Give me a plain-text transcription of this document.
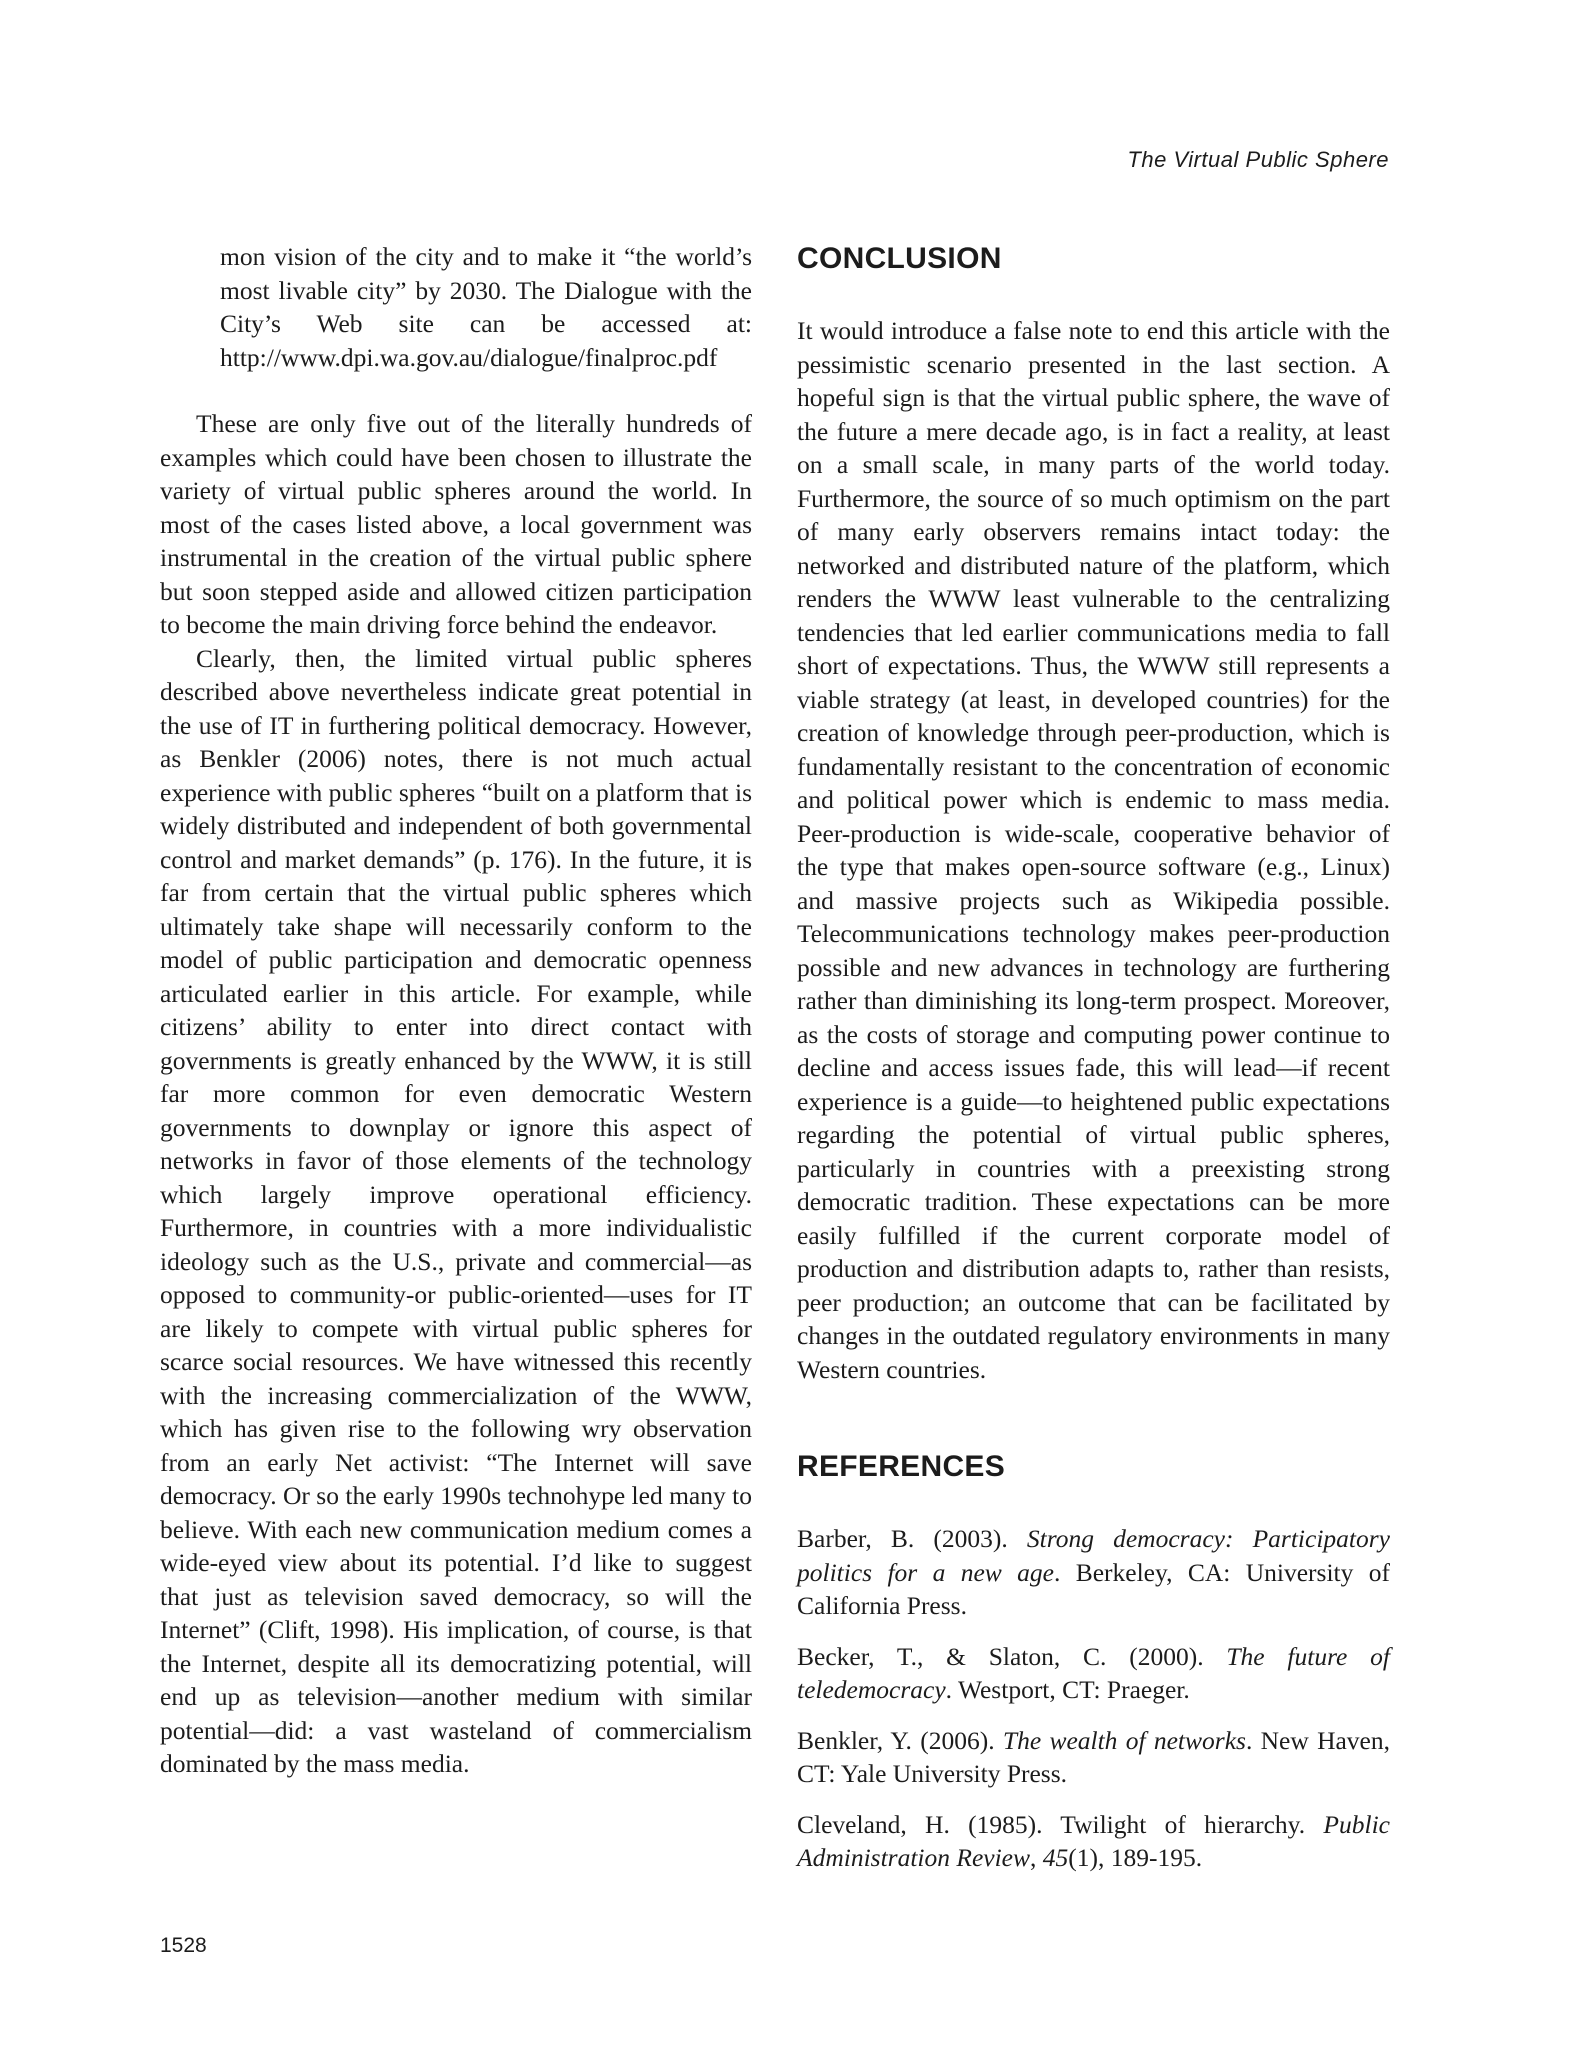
The Virtual Public Sphere

mon vision of the city and to make it “the world’s most livable city” by 2030. The Dialogue with the City’s Web site can be accessed at: http://www.dpi.wa.gov.au/dialogue/finalproc.pdf

These are only five out of the literally hundreds of examples which could have been chosen to illustrate the variety of virtual public spheres around the world. In most of the cases listed above, a local government was instrumental in the creation of the virtual public sphere but soon stepped aside and allowed citizen participation to become the main driving force behind the endeavor.

Clearly, then, the limited virtual public spheres described above nevertheless indicate great potential in the use of IT in furthering political democracy. However, as Benkler (2006) notes, there is not much actual experience with public spheres “built on a platform that is widely distributed and independent of both governmental control and market demands” (p. 176). In the future, it is far from certain that the virtual public spheres which ultimately take shape will necessarily conform to the model of public participation and democratic openness articulated earlier in this article. For example, while citizens’ ability to enter into direct contact with governments is greatly enhanced by the WWW, it is still far more common for even democratic Western governments to downplay or ignore this aspect of networks in favor of those elements of the technology which largely improve operational efficiency. Furthermore, in countries with a more individualistic ideology such as the U.S., private and commercial—as opposed to community-or public-oriented—uses for IT are likely to compete with virtual public spheres for scarce social resources. We have witnessed this recently with the increasing commercialization of the WWW, which has given rise to the following wry observation from an early Net activist: “The Internet will save democracy. Or so the early 1990s technohype led many to believe. With each new communication medium comes a wide-eyed view about its potential. I’d like to suggest that just as television saved democracy, so will the Internet” (Clift, 1998). His implication, of course, is that the Internet, despite all its democratizing potential, will end up as television—another medium with similar potential—did: a vast wasteland of commercialism dominated by the mass media.

CONCLUSION

It would introduce a false note to end this article with the pessimistic scenario presented in the last section. A hopeful sign is that the virtual public sphere, the wave of the future a mere decade ago, is in fact a reality, at least on a small scale, in many parts of the world today. Furthermore, the source of so much optimism on the part of many early observers remains intact today: the networked and distributed nature of the platform, which renders the WWW least vulnerable to the centralizing tendencies that led earlier communications media to fall short of expectations. Thus, the WWW still represents a viable strategy (at least, in developed countries) for the creation of knowledge through peer-production, which is fundamentally resistant to the concentration of economic and political power which is endemic to mass media. Peer-production is wide-scale, cooperative behavior of the type that makes open-source software (e.g., Linux) and massive projects such as Wikipedia possible. Telecommunications technology makes peer-production possible and new advances in technology are furthering rather than diminishing its long-term prospect. Moreover, as the costs of storage and computing power continue to decline and access issues fade, this will lead—if recent experience is a guide—to heightened public expectations regarding the potential of virtual public spheres, particularly in countries with a preexisting strong democratic tradition. These expectations can be more easily fulfilled if the current corporate model of production and distribution adapts to, rather than resists, peer production; an outcome that can be facilitated by changes in the outdated regulatory environments in many Western countries.

REFERENCES

Barber, B. (2003). Strong democracy: Participatory politics for a new age. Berkeley, CA: University of California Press.

Becker, T., & Slaton, C. (2000). The future of teledemocracy. Westport, CT: Praeger.

Benkler, Y. (2006). The wealth of networks. New Haven, CT: Yale University Press.

Cleveland, H. (1985). Twilight of hierarchy. Public Administration Review, 45(1), 189-195.

1528
